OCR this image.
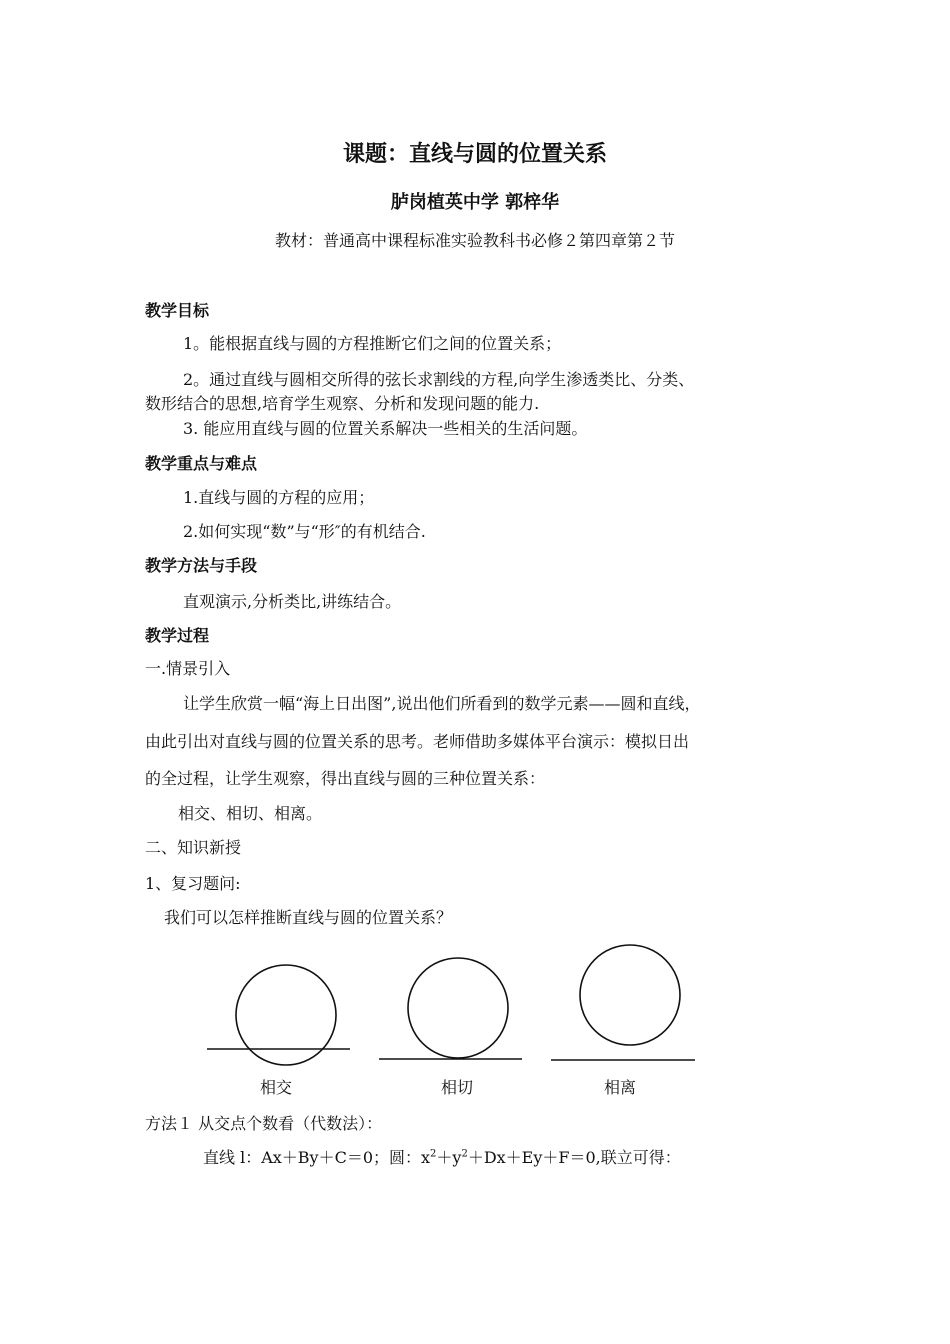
课题：直线与圆的位置关系
胪岗植英中学 郭梓华
教材：普通高中课程标准实验教科书必修２第四章第２节
教学目标
1。能根据直线与圆的方程推断它们之间的位置关系；
2。通过直线与圆相交所得的弦长求割线的方程,向学生渗透类比、分类、
数形结合的思想,培育学生观察、分析和发现问题的能力.
3. 能应用直线与圆的位置关系解决一些相关的生活问题。
教学重点与难点
1.直线与圆的方程的应用；
2.如何实现“数”与“形″的有机结合.
教学方法与手段
直观演示,分析类比,讲练结合。
教学过程
一.情景引入
让学生欣赏一幅“海上日出图”,说出他们所看到的数学元素——圆和直线，
由此引出对直线与圆的位置关系的思考。老师借助多媒体平台演示：模拟日出
的全过程，让学生观察，得出直线与圆的三种位置关系：
相交、相切、相离。
二、知识新授
1、复习题问:
我们可以怎样推断直线与圆的位置关系？
相交	相切	相离
方法１ 从交点个数看（代数法）：
直线 l：Ax＋By＋C＝0；圆：$x^2+y^2+Dx+Ey+F=0$,联立可得：
